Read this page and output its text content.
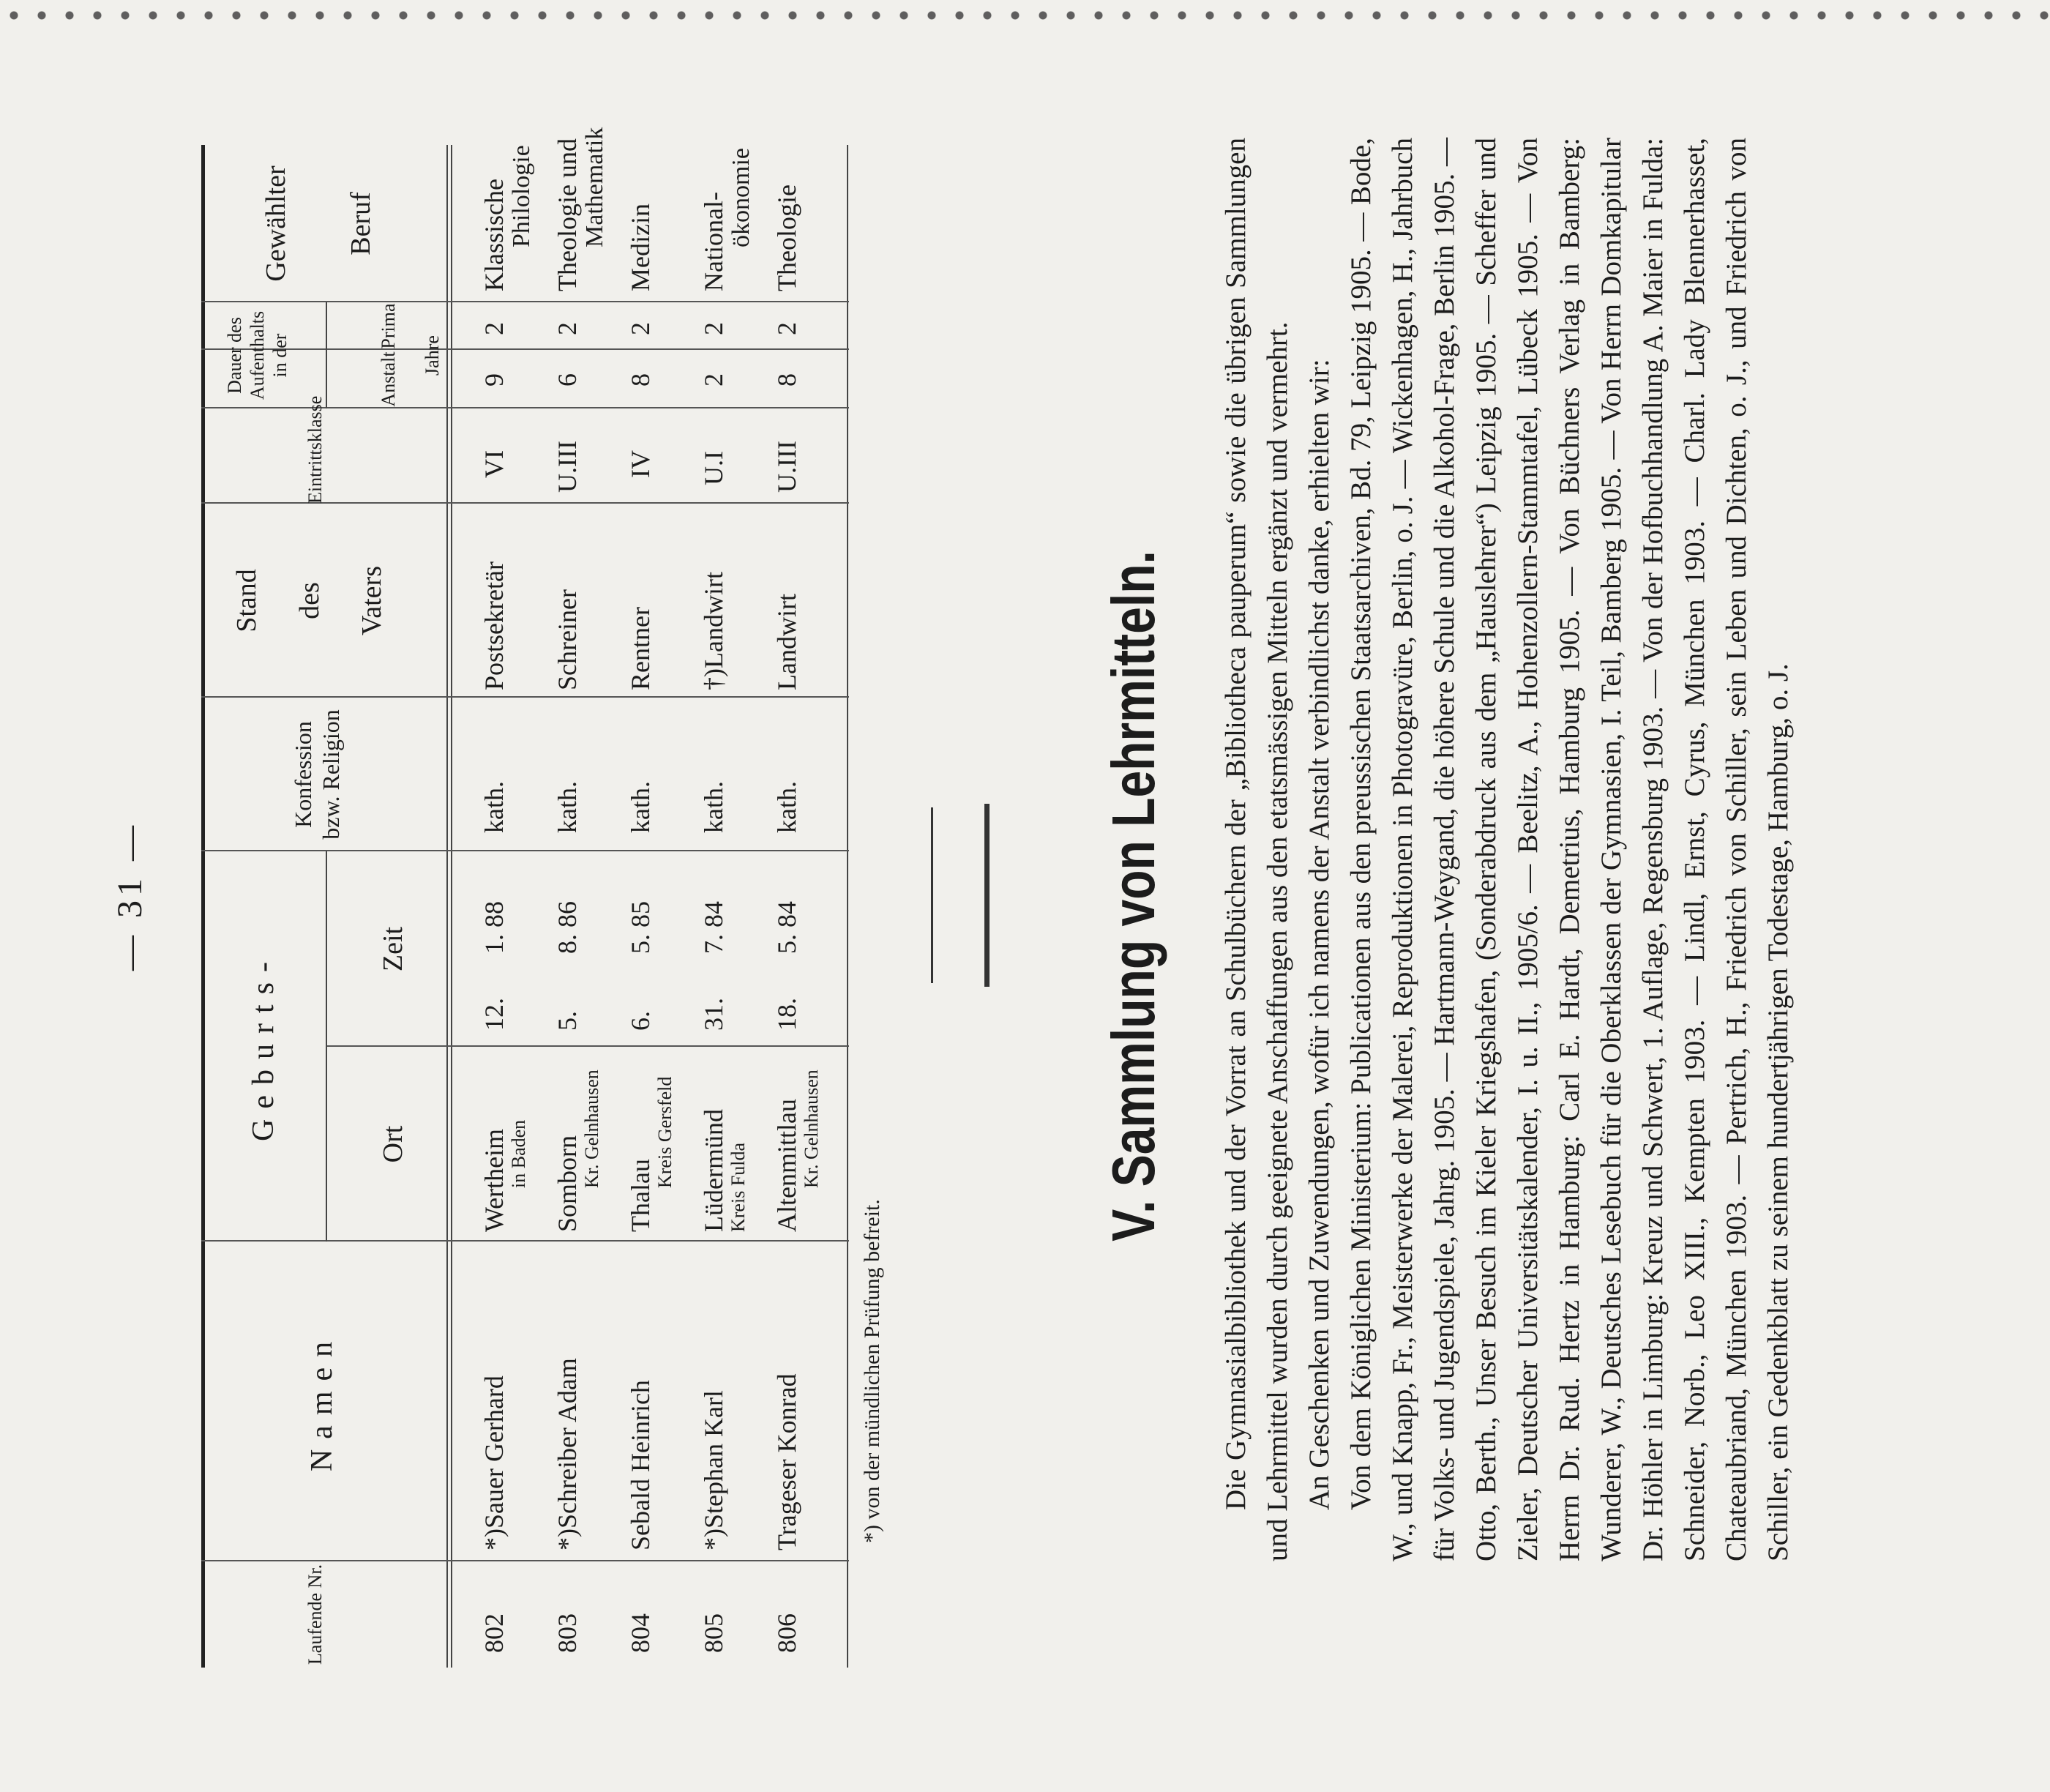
— 31 —
Laufende Nr.
Namen
Geburts-
Ort
Zeit
Konfession bzw. Religion
Stand des Vaters
Eintrittsklasse
Dauer des Aufenthalts in der	Anstalt
Prima
Jahre
Gewählter Beruf
802
*)Sauer Gerhard
Wertheim in Baden
12.
1. 88
kath.
Postsekretär
VI
9
2
Klassische Philologie
803
*)Schreiber Adam
Somborn Kr. Gelnhausen
5.
8. 86
kath.
Schreiner
U.III
6
2
Theologie und Mathematik
804
Sebald Heinrich
Thalau
Kreis Gersfeld
6.
5. 85
kath.
Rentner
IV
8
2
Medizin
805
*)Stephan Karl
Lüdermünd Kreis Fulda
31.
7. 84
kath.
†)Landwirt
U.I
2
2
National- ökonomie
806
Trageser Konrad
Altenmittlau Kr. Gelnhausen
18.
5. 84
kath.
Landwirt
U.III
8
2
Theologie
*) von der mündlichen Prüfung befreit.
V. Sammlung von Lehrmitteln. Die Gymnasialbibliothek und der Vorrat an Schulbüchern der „Bibliotheca pauperum“ sowie die übrigen Sammlungen und Lehrmittel wurden durch geeignete Anschaffungen aus den etatsmässigen Mitteln ergänzt und vermehrt. An Geschenken und Zuwendungen, wofür ich namens der Anstalt verbindlichst danke, erhielten wir: Von dem Königlichen Ministerium: Publicationen aus den preussischen Staatsarchiven, Bd. 79, Leipzig 1905. — Bode, W., und Knapp, Fr., Meisterwerke der Malerei, Reproduktionen in Photogravüre, Berlin, o. J. — Wickenhagen, H., Jahrbuch für Volks- und Jugendspiele, Jahrg. 1905. — Hartmann-Weygand, die höhere Schule und die Alkohol-Frage, Berlin 1905. — Otto, Berth., Unser Besuch im Kieler Kriegshafen, (Sonderabdruck aus dem „Hauslehrer“) Leipzig 1905. — Scheffer und Zieler, Deutscher Universitätskalender, I. u. II., 1905/6. — Beelitz, A., Hohenzollern-Stammtafel, Lübeck 1905. — Von Herrn Dr. Rud. Hertz in Hamburg: Carl E. Hardt, Demetrius, Hamburg 1905. — Von Büchners Verlag in Bamberg: Wunderer, W., Deutsches Lesebuch für die Oberklassen der Gymnasien, I. Teil, Bamberg 1905. — Von Herrn Domkapitular Dr. Höhler in Limburg: Kreuz und Schwert, 1. Auflage, Regensburg 1903. — Von der Hofbuchhandlung A. Maier in Fulda: Schneider, Norb., Leo XIII., Kempten 1903. — Lindl, Ernst, Cyrus, München 1903. — Charl. Lady Blennerhasset, Chateaubriand, München 1903. — Pertrich, H., Friedrich von Schiller, sein Leben und Dichten, o. J., und Friedrich von Schiller, ein Gedenkblatt zu seinem hundertjährigen Todestage, Hamburg, o. J.
